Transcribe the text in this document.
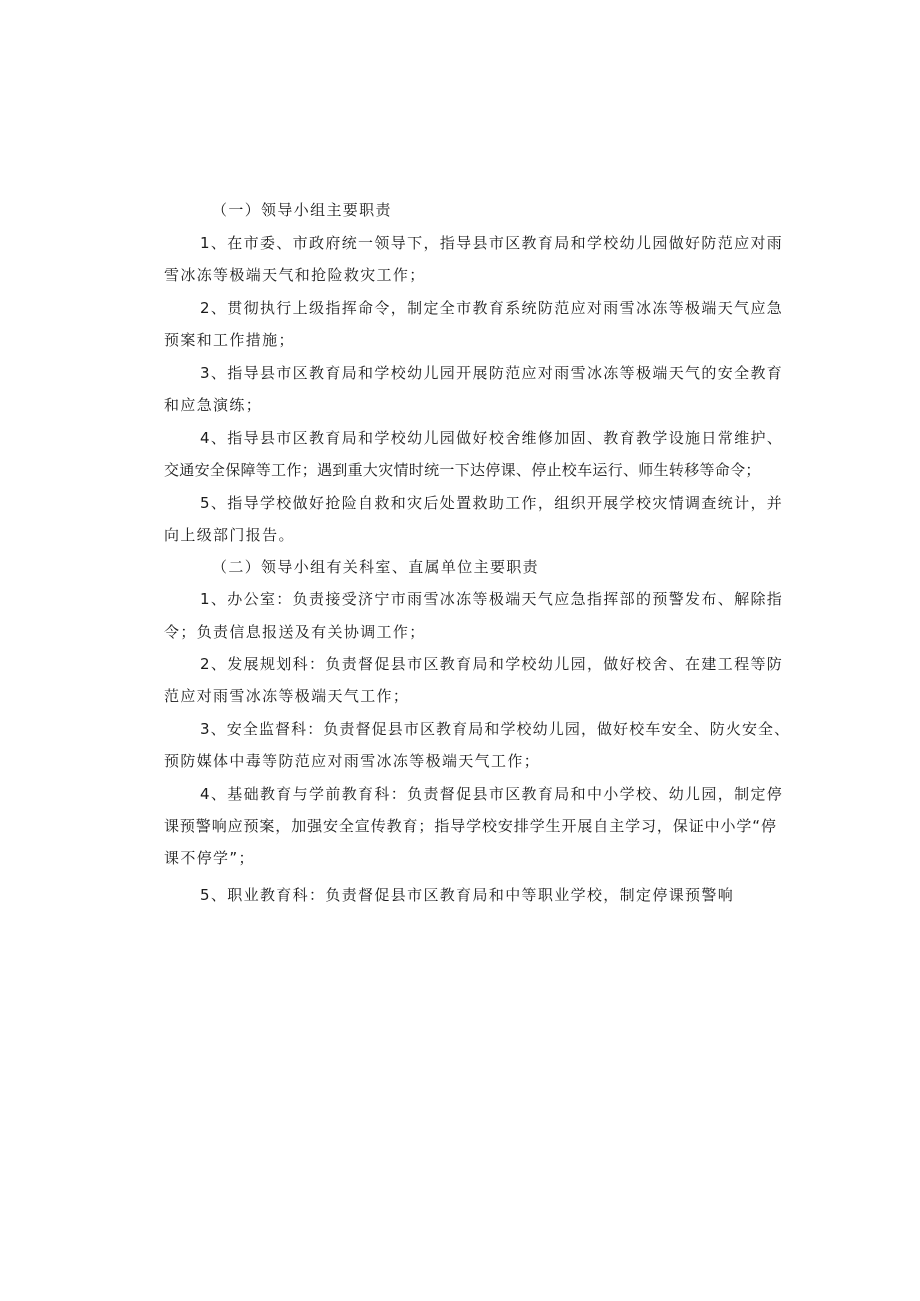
（一）领导小组主要职责
1、在市委、市政府统一领导下，指导县市区教育局和学校幼儿园做好防范应对雨
雪冰冻等极端天气和抢险救灾工作；
2、贯彻执行上级指挥命令，制定全市教育系统防范应对雨雪冰冻等极端天气应急
预案和工作措施；
3、指导县市区教育局和学校幼儿园开展防范应对雨雪冰冻等极端天气的安全教育
和应急演练；
4、指导县市区教育局和学校幼儿园做好校舍维修加固、教育教学设施日常维护、
交通安全保障等工作；遇到重大灾情时统一下达停课、停止校车运行、师生转移等命令；
5、指导学校做好抢险自救和灾后处置救助工作，组织开展学校灾情调查统计，并
向上级部门报告。
（二）领导小组有关科室、直属单位主要职责
1、办公室：负责接受济宁市雨雪冰冻等极端天气应急指挥部的预警发布、解除指
令；负责信息报送及有关协调工作；
2、发展规划科：负责督促县市区教育局和学校幼儿园，做好校舍、在建工程等防
范应对雨雪冰冻等极端天气工作；
3、安全监督科：负责督促县市区教育局和学校幼儿园，做好校车安全、防火安全、
预防媒体中毒等防范应对雨雪冰冻等极端天气工作；
4、基础教育与学前教育科：负责督促县市区教育局和中小学校、幼儿园，制定停
课预警响应预案，加强安全宣传教育；指导学校安排学生开展自主学习，保证中小学“停
课不停学”；
5、职业教育科：负责督促县市区教育局和中等职业学校，制定停课预警响
